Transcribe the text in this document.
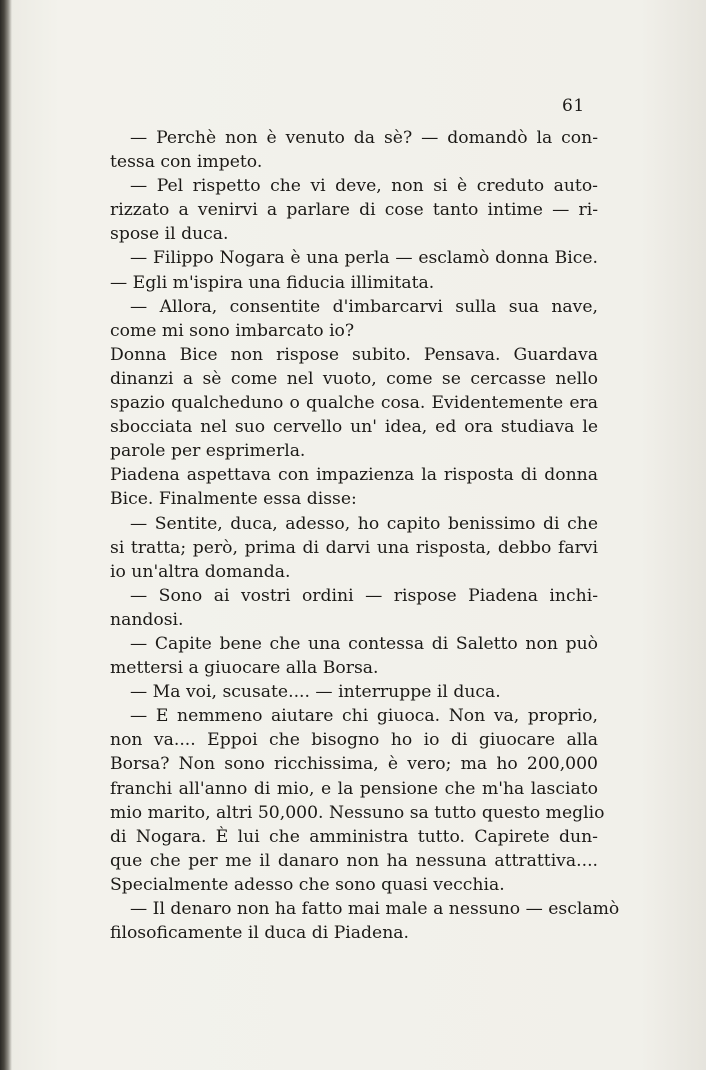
61
— Perchè non è venuto da sè? — domandò la con-
tessa con impeto.
— Pel rispetto che vi deve, non si è creduto auto-
rizzato a venirvi a parlare di cose tanto intime — ri-
spose il duca.
— Filippo Nogara è una perla — esclamò donna Bice.
— Egli m'ispira una fiducia illimitata.
— Allora, consentite d'imbarcarvi sulla sua nave,
come mi sono imbarcato io?
Donna Bice non rispose subito. Pensava. Guardava
dinanzi a sè come nel vuoto, come se cercasse nello
spazio qualcheduno o qualche cosa. Evidentemente era
sbocciata nel suo cervello un' idea, ed ora studiava le
parole per esprimerla.
Piadena aspettava con impazienza la risposta di donna
Bice. Finalmente essa disse:
— Sentite, duca, adesso, ho capito benissimo di che
si tratta; però, prima di darvi una risposta, debbo farvi
io un'altra domanda.
— Sono ai vostri ordini — rispose Piadena inchi-
nandosi.
— Capite bene che una contessa di Saletto non può
mettersi a giuocare alla Borsa.
— Ma voi, scusate.... — interruppe il duca.
— E nemmeno aiutare chi giuoca. Non va, proprio,
non va.... Eppoi che bisogno ho io di giuocare alla
Borsa? Non sono ricchissima, è vero; ma ho 200,000
franchi all'anno di mio, e la pensione che m'ha lasciato
mio marito, altri 50,000. Nessuno sa tutto questo meglio
di Nogara. È lui che amministra tutto. Capirete dun-
que che per me il danaro non ha nessuna attrattiva....
Specialmente adesso che sono quasi vecchia.
— Il denaro non ha fatto mai male a nessuno — esclamò
filosoficamente il duca di Piadena.
